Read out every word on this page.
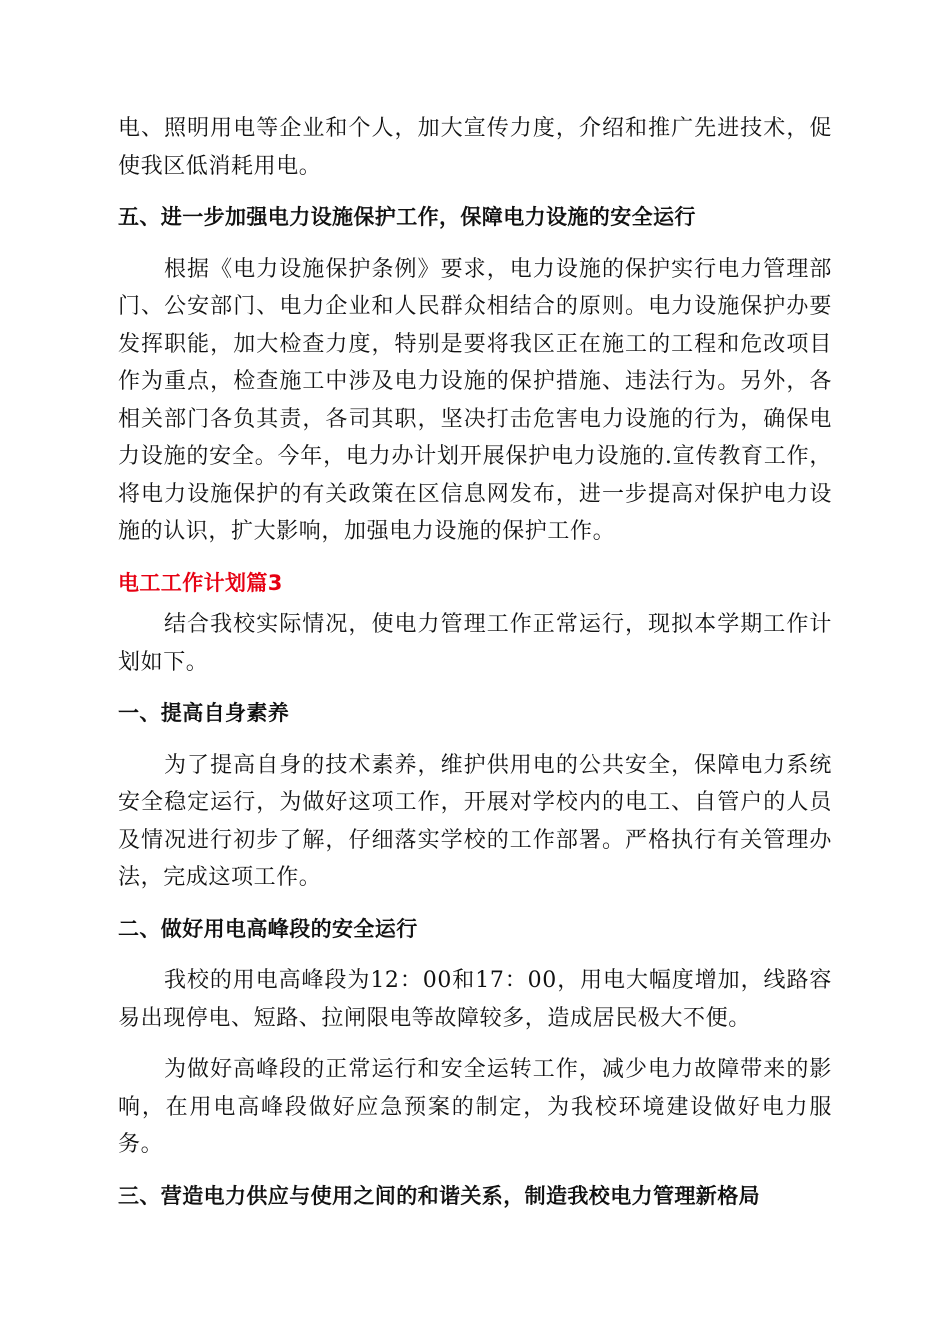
电、照明用电等企业和个人，加大宣传力度，介绍和推广先进技术，促使我区低消耗用电。

五、进一步加强电力设施保护工作，保障电力设施的安全运行

根据《电力设施保护条例》要求，电力设施的保护实行电力管理部门、公安部门、电力企业和人民群众相结合的原则。电力设施保护办要发挥职能，加大检查力度，特别是要将我区正在施工的工程和危改项目作为重点，检查施工中涉及电力设施的保护措施、违法行为。另外，各相关部门各负其责，各司其职，坚决打击危害电力设施的行为，确保电力设施的安全。今年，电力办计划开展保护电力设施的.宣传教育工作，将电力设施保护的有关政策在区信息网发布，进一步提高对保护电力设施的认识，扩大影响，加强电力设施的保护工作。

电工工作计划篇3

结合我校实际情况，使电力管理工作正常运行，现拟本学期工作计划如下。

一、提高自身素养

为了提高自身的技术素养，维护供用电的公共安全，保障电力系统安全稳定运行，为做好这项工作，开展对学校内的电工、自管户的人员及情况进行初步了解，仔细落实学校的工作部署。严格执行有关管理办法，完成这项工作。

二、做好用电高峰段的安全运行

我校的用电高峰段为12：00和17：00，用电大幅度增加，线路容易出现停电、短路、拉闸限电等故障较多，造成居民极大不便。

为做好高峰段的正常运行和安全运转工作，减少电力故障带来的影响，在用电高峰段做好应急预案的制定，为我校环境建设做好电力服务。

三、营造电力供应与使用之间的和谐关系，制造我校电力管理新格局
